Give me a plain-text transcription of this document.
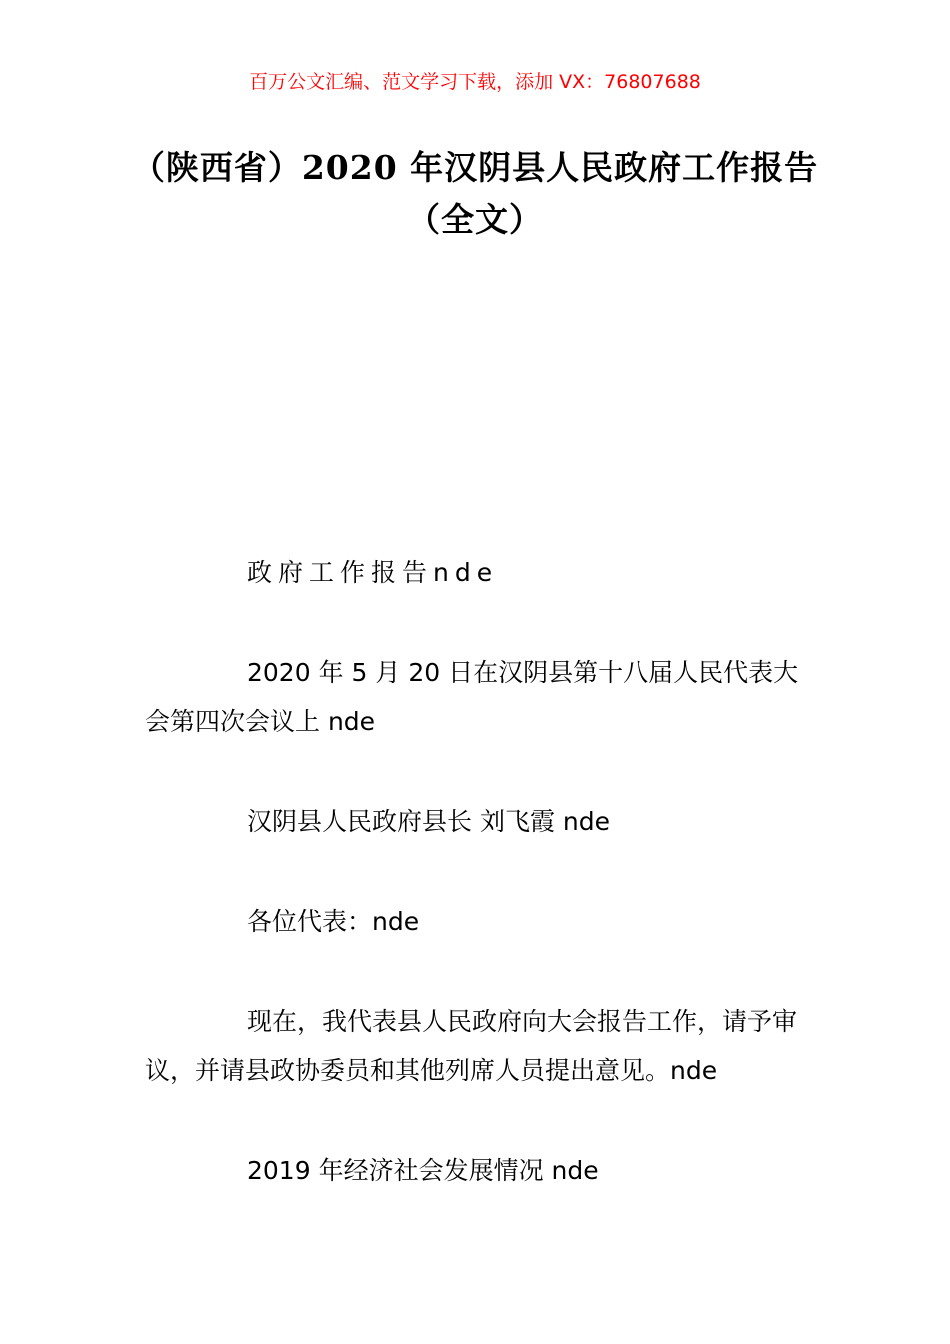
百万公文汇编、范文学习下载，添加 VX：76807688
（陕西省）2020 年汉阴县人民政府工作报告（全文）

政府工作报告nde

2020 年 5 月 20 日在汉阴县第十八届人民代表大会第四次会议上 nde

汉阴县人民政府县长 刘飞霞 nde

各位代表：nde

现在，我代表县人民政府向大会报告工作，请予审议，并请县政协委员和其他列席人员提出意见。nde

2019 年经济社会发展情况 nde
